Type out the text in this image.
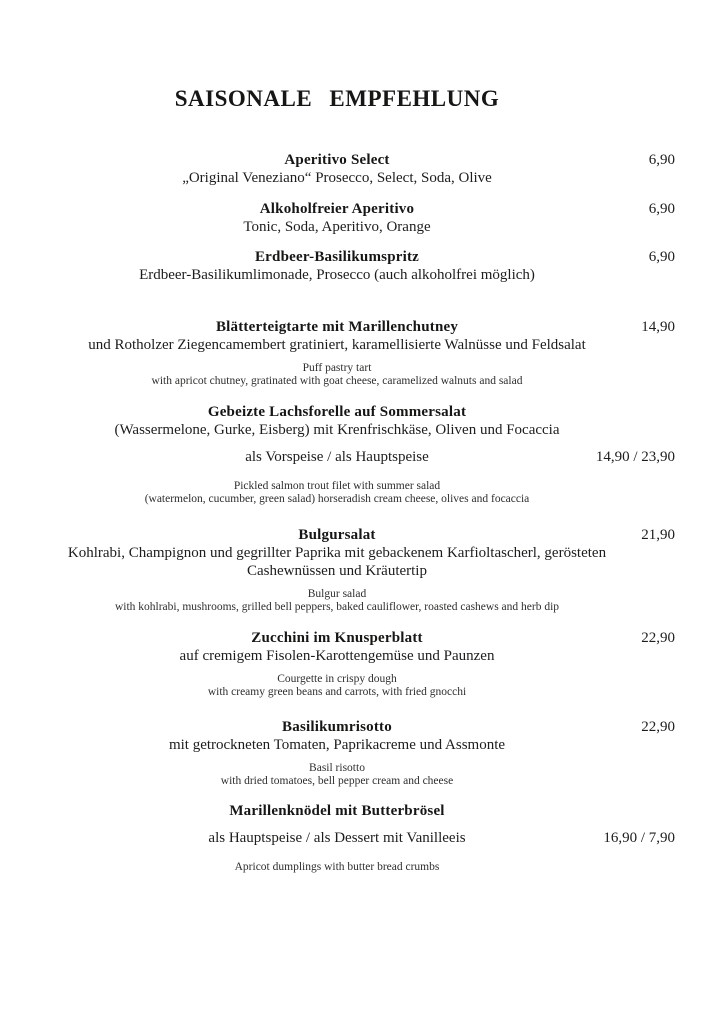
SAISONALE EMPFEHLUNG
Aperitivo Select	6,90
„Original Veneziano“ Prosecco, Select, Soda, Olive
Alkoholfreier Aperitivo	6,90
Tonic, Soda, Aperitivo, Orange
Erdbeer-Basilikumspritz	6,90
Erdbeer-Basilikumlimonade, Prosecco (auch alkoholfrei möglich)
Blätterteigtarte mit Marillenchutney	14,90
und Rotholzer Ziegencamembert gratiniert, karamellisierte Walnüsse und Feldsalat
Puff pastry tart
with apricot chutney, gratinated with goat cheese, caramelized walnuts and salad
Gebeizte Lachsforelle auf Sommersalat
(Wassermelone, Gurke, Eisberg) mit Krenfrischkäse, Oliven und Focaccia
als Vorspeise / als Hauptspeise	14,90 / 23,90
Pickled salmon trout filet with summer salad
(watermelon, cucumber, green salad) horseradish cream cheese, olives and focaccia
Bulgursalat	21,90
Kohlrabi, Champignon und gegrillter Paprika mit gebackenem Karfioltascherl, gerösteten Cashewnüssen und Kräutertip
Bulgur salad
with kohlrabi, mushrooms, grilled bell peppers, baked cauliflower, roasted cashews and herb dip
Zucchini im Knusperblatt	22,90
auf cremigem Fisolen-Karottengemüse und Paunzen
Courgette in crispy dough
with creamy green beans and carrots, with fried gnocchi
Basilikumrisotto	22,90
mit getrockneten Tomaten, Paprikacreme und Assmonte
Basil risotto
with dried tomatoes, bell pepper cream and cheese
Marillenknödel mit Butterbrösel
als Hauptspeise / als Dessert mit Vanilleeis	16,90 / 7,90
Apricot dumplings with butter bread crumbs
